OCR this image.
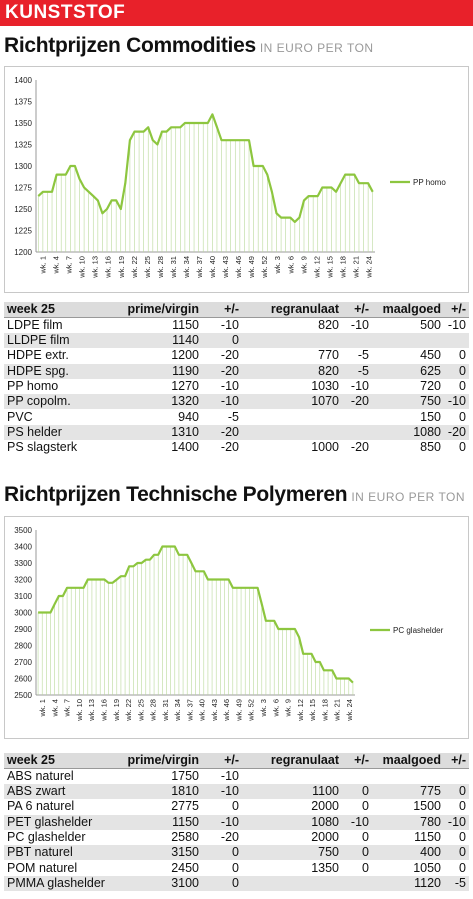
KUNSTSTOF
Richtprijzen Commodities IN EURO PER TON
1200
1225
1250
1275
1300
1325
1350
1375
1400
wk. 1 wk. 4 wk. 7 wk. 10 wk. 13 wk. 16 wk. 19 wk. 22 wk. 25 wk. 28 wk. 31 wk. 34 wk. 37 wk. 40 wk. 43 wk. 46 wk. 49 wk. 52 wk. 3 wk. 6 wk. 9 wk. 12 wk. 15 wk. 18 wk. 21 wk. 24
PP homo
week 25	prime/virgin	+/-	regranulaat	+/-	maalgoed	+/-
LDPE film	1150	-10	820	-10	500	-10
LLDPE film	1140	0				
HDPE extr.	1200	-20	770	-5	450	0
HDPE spg.	1190	-20	820	-5	625	0
PP homo	1270	-10	1030	-10	720	0
PP copolm.	1320	-10	1070	-20	750	-10
PVC	940	-5			150	0
PS helder	1310	-20			1080	-20
PS slagsterk	1400	-20	1000	-20	850	0
Richtprijzen Technische Polymeren IN EURO PER TON
2500
2600
2700
2800
2900
3000
3100
3200
3300
3400
3500
wk. 1 wk. 4 wk. 7 wk. 10 wk. 13 wk. 16 wk. 19 wk. 22 wk. 25 wk. 28 wk. 31 wk. 34 wk. 37 wk. 40 wk. 43 wk. 46 wk. 49 wk. 52 wk. 3 wk. 6 wk. 9 wk. 12 wk. 15 wk. 18 wk. 21 wk. 24
PC glashelder
week 25	prime/virgin	+/-	regranulaat	+/-	maalgoed	+/-
ABS naturel	1750	-10				
ABS zwart	1810	-10	1100	0	775	0
PA 6 naturel	2775	0	2000	0	1500	0
PET glashelder	1150	-10	1080	-10	780	-10
PC glashelder	2580	-20	2000	0	1150	0
PBT naturel	3150	0	750	0	400	0
POM naturel	2450	0	1350	0	1050	0
PMMA glashelder	3100	0			1120	-5
